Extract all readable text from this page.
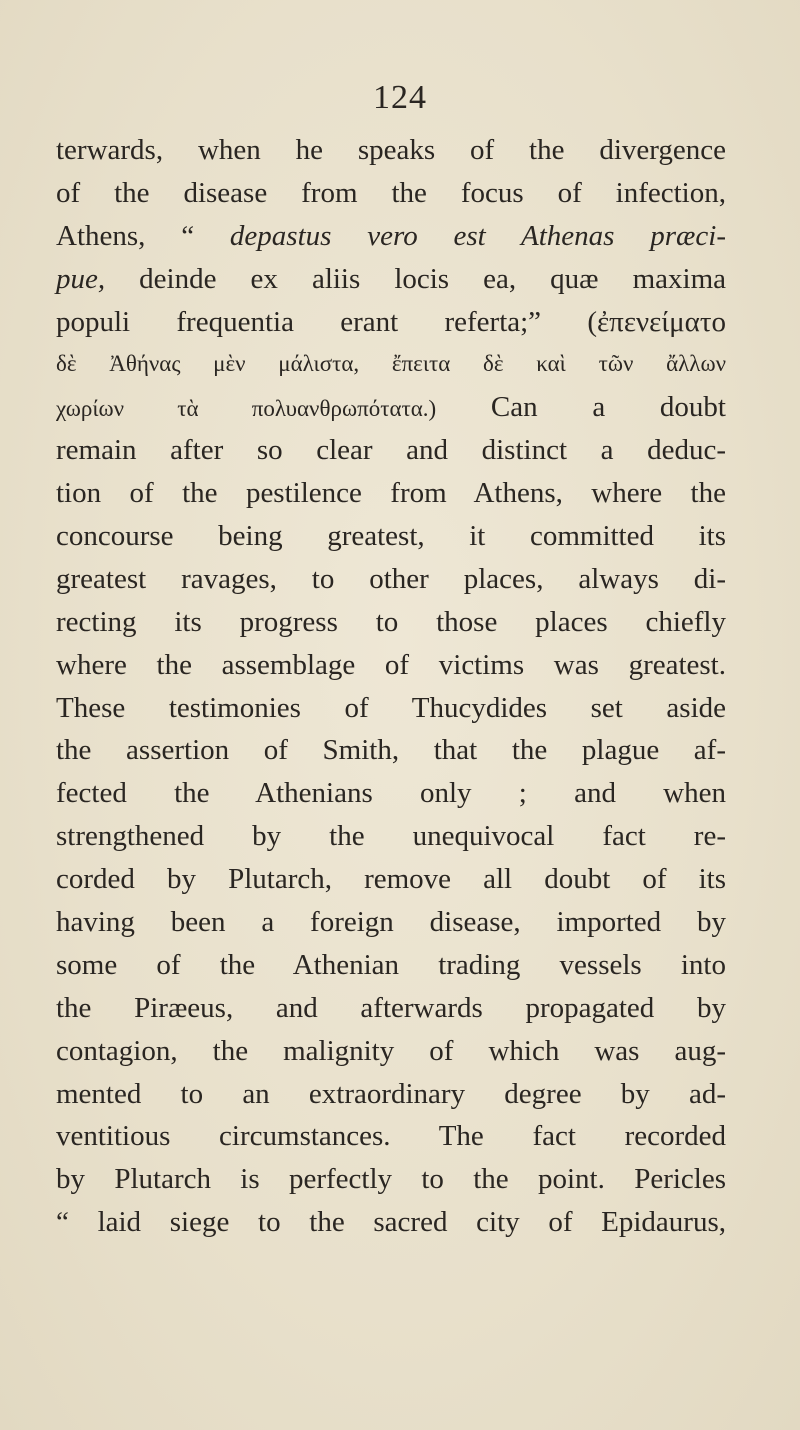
124
terwards, when he speaks of the divergence
of the disease from the focus of infection,
Athens, “ depastus vero est Athenas præci-
pue, deinde ex aliis locis ea, quæ maxima
populi frequentia erant referta;” (ἐπενείματο
δὲ Ἀθήνας μὲν μάλιστα, ἔπειτα δὲ καὶ τῶν ἄλλων
χωρίων τὰ πολυανθρωπότατα.) Can a doubt
remain after so clear and distinct a deduc-
tion of the pestilence from Athens, where the
concourse being greatest, it committed its
greatest ravages, to other places, always di-
recting its progress to those places chiefly
where the assemblage of victims was greatest.
These testimonies of Thucydides set aside
the assertion of Smith, that the plague af-
fected the Athenians only ; and when
strengthened by the unequivocal fact re-
corded by Plutarch, remove all doubt of its
having been a foreign disease, imported by
some of the Athenian trading vessels into
the Piræeus, and afterwards propagated by
contagion, the malignity of which was aug-
mented to an extraordinary degree by ad-
ventitious circumstances. The fact recorded
by Plutarch is perfectly to the point. Pericles
“ laid siege to the sacred city of Epidaurus,
